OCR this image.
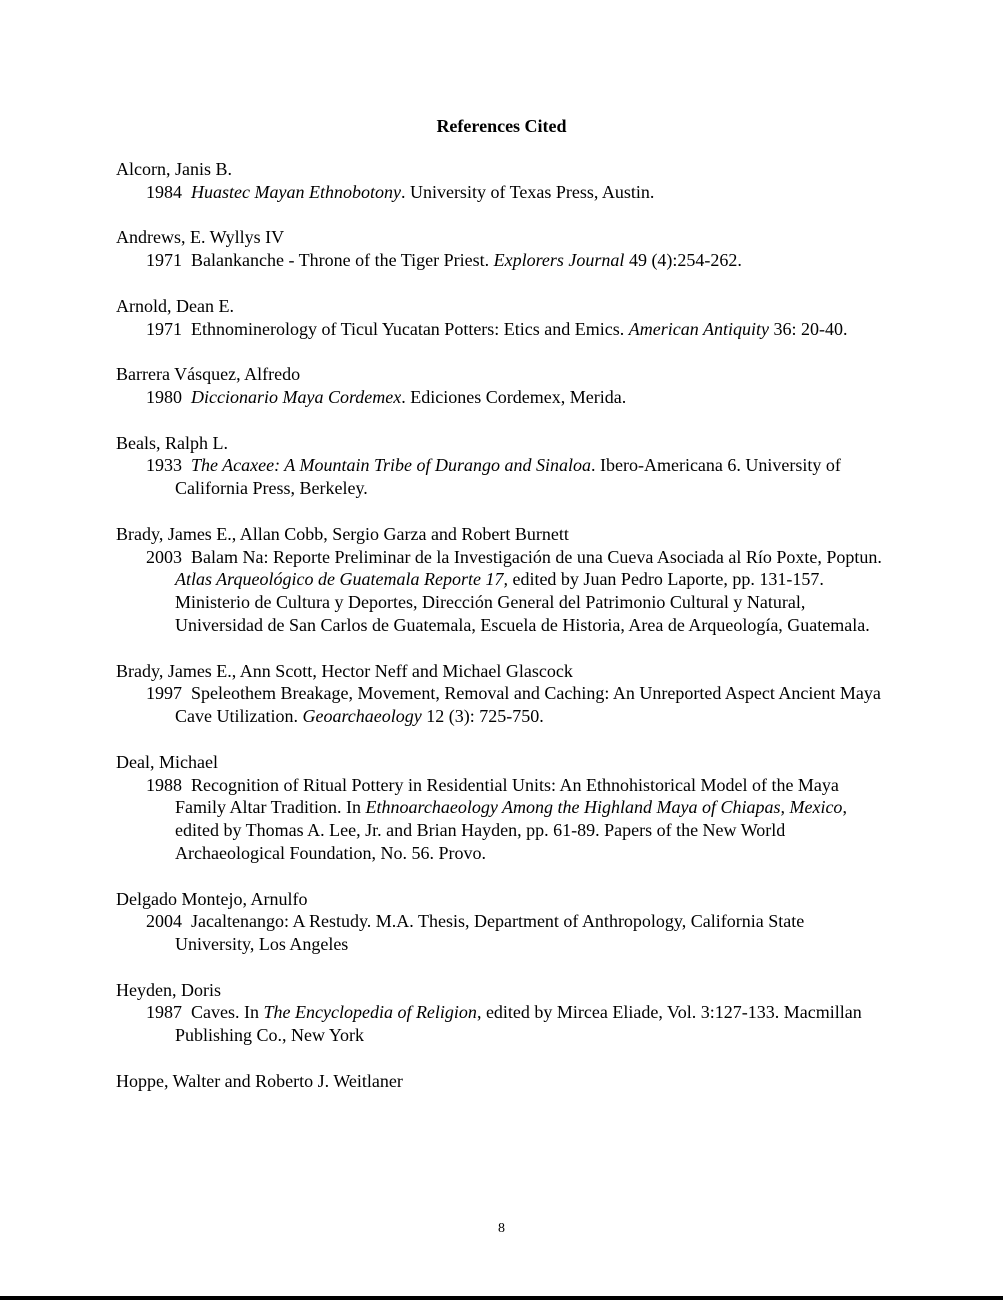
References Cited
Alcorn, Janis B.
1984 Huastec Mayan Ethnobotony. University of Texas Press, Austin.
Andrews, E. Wyllys IV
1971 Balankanche - Throne of the Tiger Priest. Explorers Journal 49 (4):254-262.
Arnold, Dean E.
1971 Ethnominerology of Ticul Yucatan Potters: Etics and Emics. American Antiquity 36: 20-40.
Barrera Vásquez, Alfredo
1980 Diccionario Maya Cordemex. Ediciones Cordemex, Merida.
Beals, Ralph L.
1933 The Acaxee: A Mountain Tribe of Durango and Sinaloa. Ibero-Americana 6. University of California Press, Berkeley.
Brady, James E., Allan Cobb, Sergio Garza and Robert Burnett
2003 Balam Na: Reporte Preliminar de la Investigación de una Cueva Asociada al Río Poxte, Poptun. Atlas Arqueológico de Guatemala Reporte 17, edited by Juan Pedro Laporte, pp. 131-157. Ministerio de Cultura y Deportes, Dirección General del Patrimonio Cultural y Natural, Universidad de San Carlos de Guatemala, Escuela de Historia, Area de Arqueología, Guatemala.
Brady, James E., Ann Scott, Hector Neff and Michael Glascock
1997 Speleothem Breakage, Movement, Removal and Caching: An Unreported Aspect Ancient Maya Cave Utilization. Geoarchaeology 12 (3): 725-750.
Deal, Michael
1988 Recognition of Ritual Pottery in Residential Units: An Ethnohistorical Model of the Maya Family Altar Tradition. In Ethnoarchaeology Among the Highland Maya of Chiapas, Mexico, edited by Thomas A. Lee, Jr. and Brian Hayden, pp. 61-89. Papers of the New World Archaeological Foundation, No. 56. Provo.
Delgado Montejo, Arnulfo
2004 Jacaltenango: A Restudy. M.A. Thesis, Department of Anthropology, California State University, Los Angeles
Heyden, Doris
1987 Caves. In The Encyclopedia of Religion, edited by Mircea Eliade, Vol. 3:127-133. Macmillan Publishing Co., New York
Hoppe, Walter and Roberto J. Weitlaner
8
